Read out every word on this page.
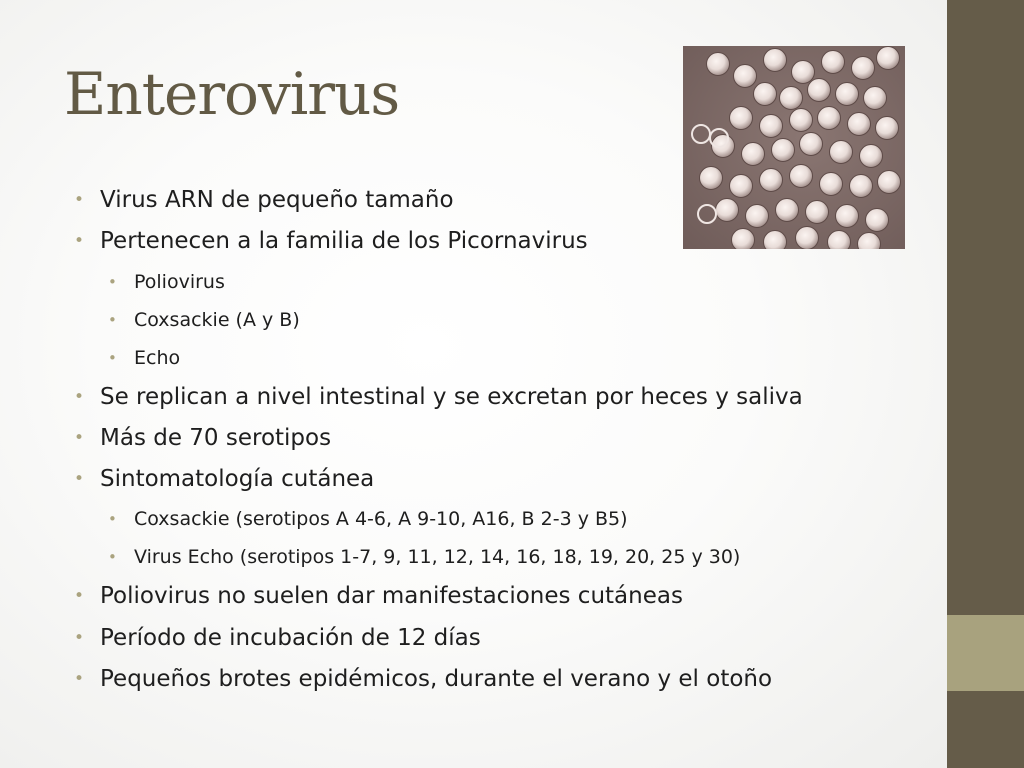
Enterovirus
• Virus ARN de pequeño tamaño
• Pertenecen a la familia de los Picornavirus
• Poliovirus
• Coxsackie (A y B)
• Echo
• Se replican a nivel intestinal y se excretan por heces y saliva
• Más de 70 serotipos
• Sintomatología cutánea
• Coxsackie (serotipos A 4-6, A 9-10, A16, B 2-3 y B5)
• Virus Echo (serotipos 1-7, 9, 11, 12, 14, 16, 18, 19, 20, 25 y 30)
• Poliovirus no suelen dar manifestaciones cutáneas
• Período de incubación de 12 días
• Pequeños brotes epidémicos, durante el verano y el otoño
